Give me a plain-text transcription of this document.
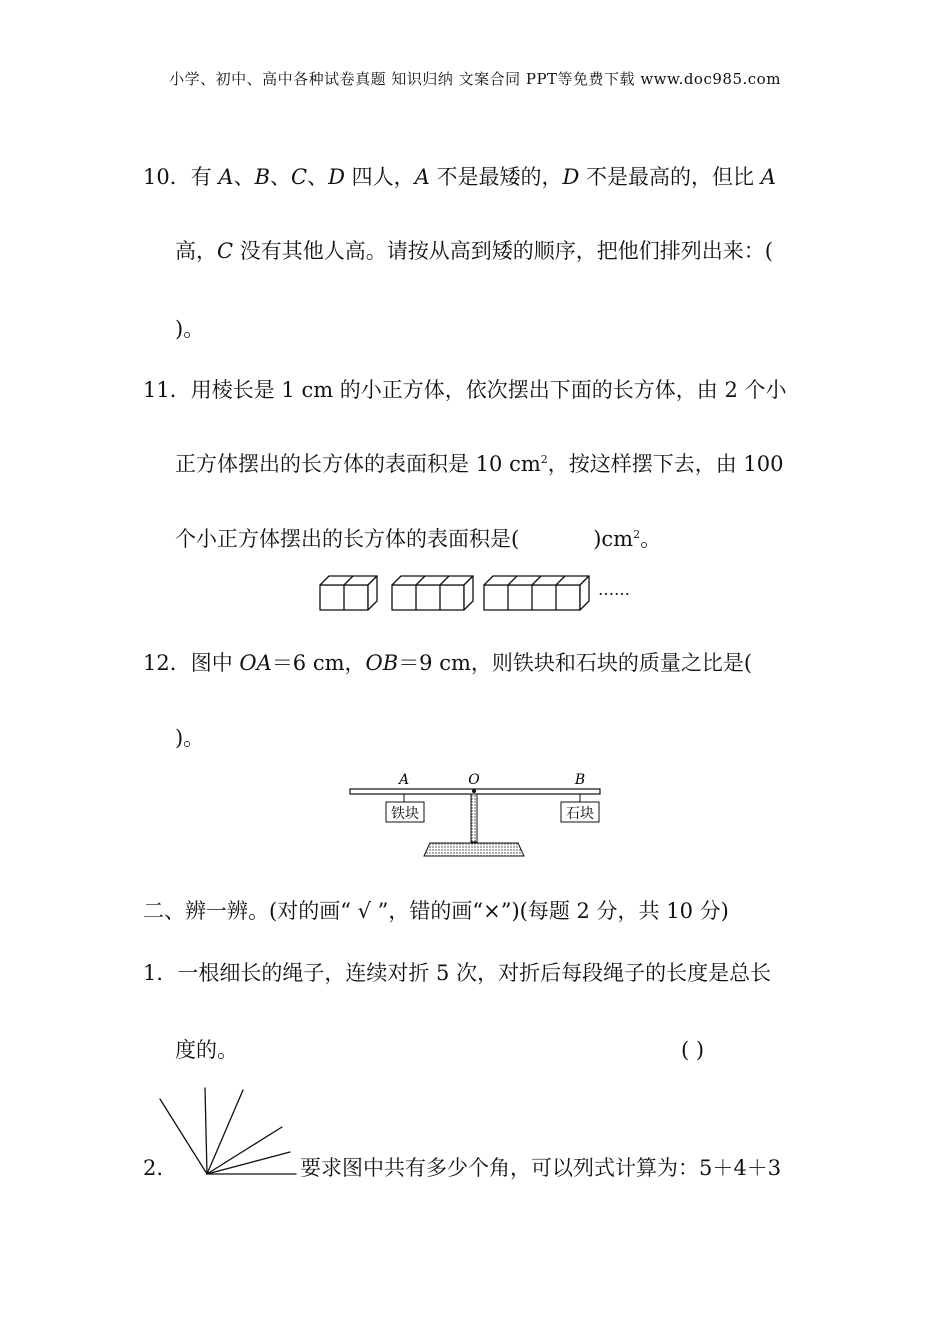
小学、初中、高中各种试卷真题 知识归纳 文案合同 PPT等免费下载 www.doc985.com
10．有 A、B、C、D 四人，A 不是最矮的，D 不是最高的，但比 A
高，C 没有其他人高。请按从高到矮的顺序，把他们排列出来：(
)。
11．用棱长是 1 cm 的小正方体，依次摆出下面的长方体，由 2 个小
正方体摆出的长方体的表面积是 10 $cm^2$，按这样摆下去，由 100
个小正方体摆出的长方体的表面积是(	)$cm^2$。
……
12．图中 OA＝6 cm，OB＝9 cm，则铁块和石块的质量之比是(
)。
A	O	B
铁块	石块
二、辨一辨。(对的画“ √ ”，错的画“×”)(每题 2 分，共 10 分)
1．一根细长的绳子，连续对折 5 次，对折后每段绳子的长度是总长
度的。	( )
2.	要求图中共有多少个角，可以列式计算为：5＋4＋3
